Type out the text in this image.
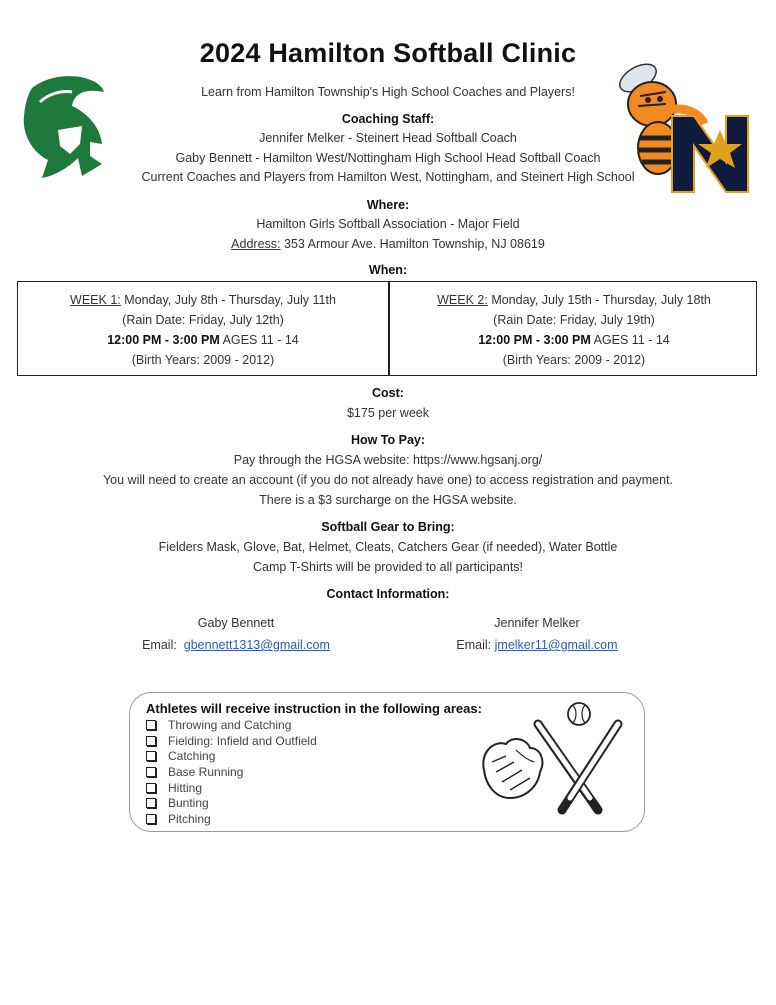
2024 Hamilton Softball Clinic
Learn from Hamilton Township's High School Coaches and Players!
Coaching Staff:
Jennifer Melker - Steinert Head Softball Coach
Gaby Bennett - Hamilton West/Nottingham High School Head Softball Coach
Current Coaches and Players from Hamilton West, Nottingham, and Steinert High School
Where:
Hamilton Girls Softball Association - Major Field
Address: 353 Armour Ave. Hamilton Township, NJ 08619
When:
WEEK 1: Monday, July 8th - Thursday, July 11th
(Rain Date: Friday, July 12th)
12:00 PM - 3:00 PM AGES 11 - 14
(Birth Years: 2009 - 2012)
WEEK 2: Monday, July 15th - Thursday, July 18th
(Rain Date: Friday, July 19th)
12:00 PM - 3:00 PM AGES 11 - 14
(Birth Years: 2009 - 2012)
Cost:
$175 per week
How To Pay:
Pay through the HGSA website: https://www.hgsanj.org/
You will need to create an account (if you do not already have one) to access registration and payment.
There is a $3 surcharge on the HGSA website.
Softball Gear to Bring:
Fielders Mask, Glove, Bat, Helmet, Cleats, Catchers Gear (if needed), Water Bottle
Camp T-Shirts will be provided to all participants!
Contact Information:
Gaby Bennett
Email: gbennett1313@gmail.com
Jennifer Melker
Email: jmelker11@gmail.com
Athletes will receive instruction in the following areas:
Throwing and Catching
Fielding: Infield and Outfield
Catching
Base Running
Hitting
Bunting
Pitching
